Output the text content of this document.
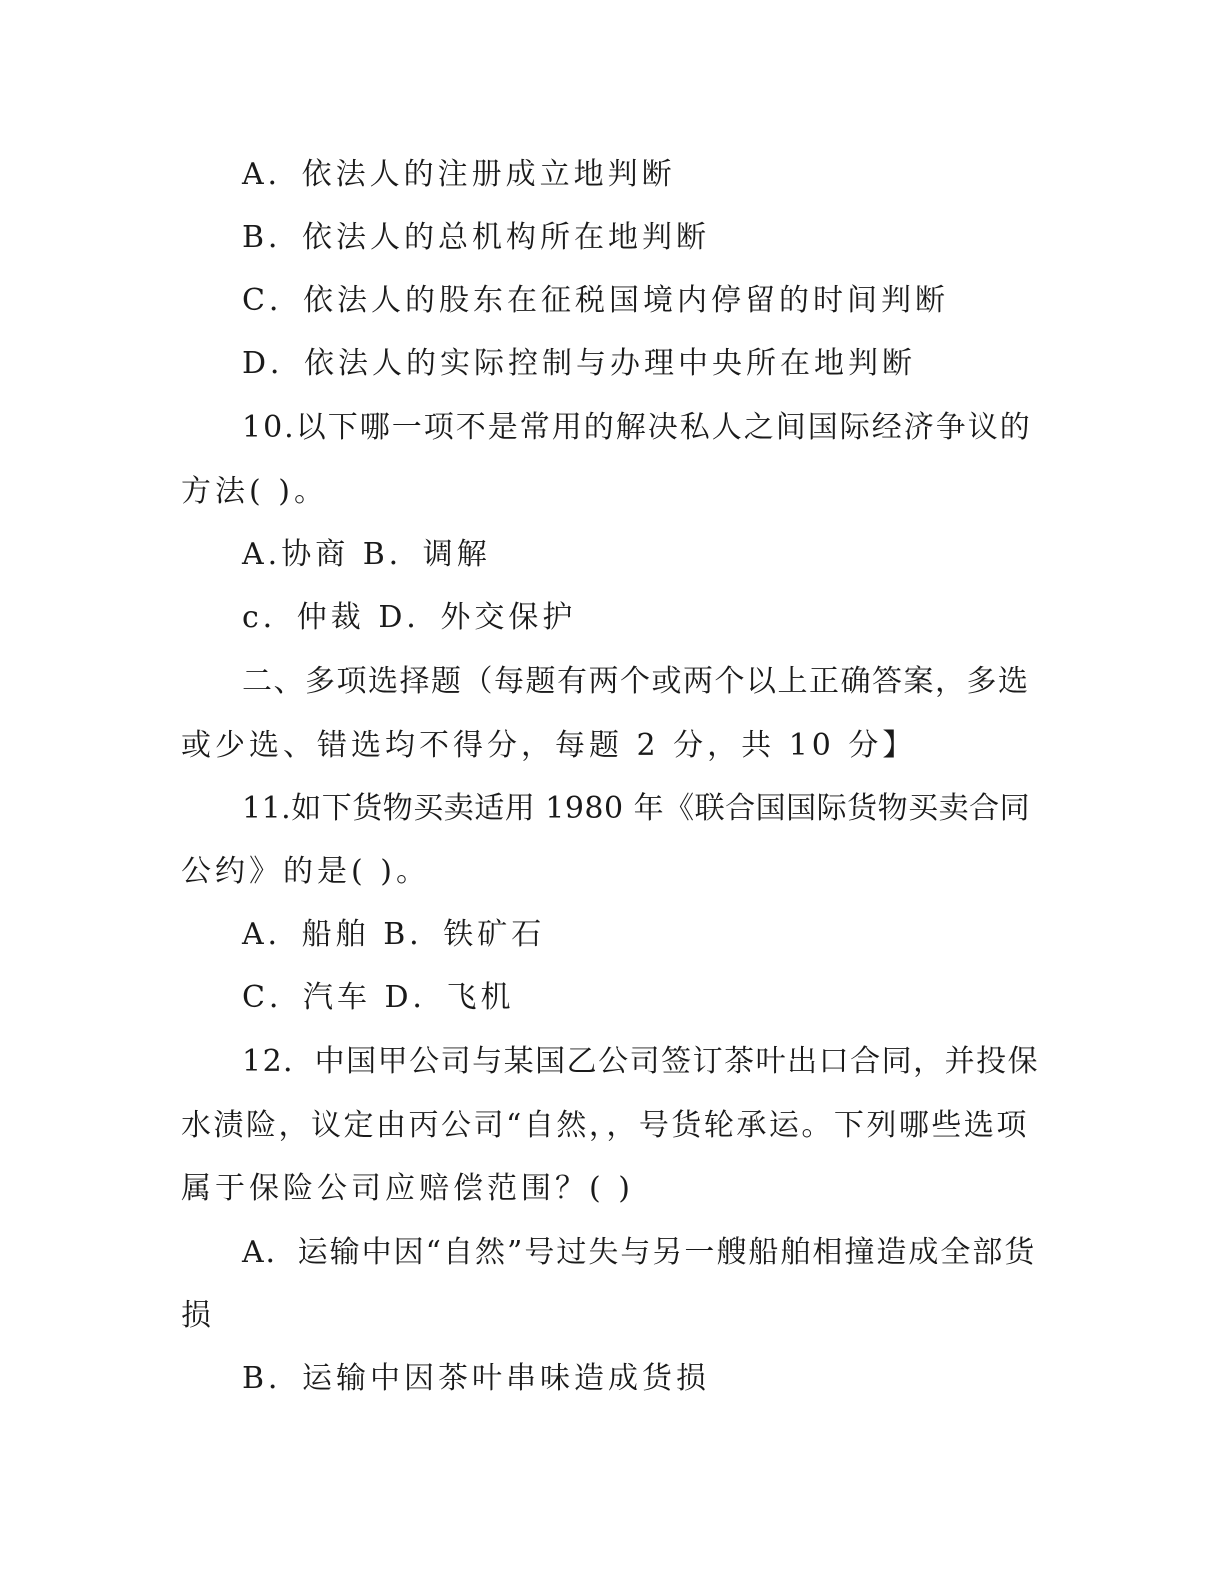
A．依法人的注册成立地判断
B．依法人的总机构所在地判断
C．依法人的股东在征税国境内停留的时间判断
D．依法人的实际控制与办理中央所在地判断
10.以下哪一项不是常用的解决私人之间国际经济争议的
方法( )。
A.协商 B．调解
c．仲裁 D．外交保护
二、多项选择题（每题有两个或两个以上正确答案，多选
或少选、错选均不得分，每题 2 分，共 10 分】
11.如下货物买卖适用 1980 年《联合国国际货物买卖合同
公约》的是( )。
A．船舶 B．铁矿石
C．汽车 D．飞机
12．中国甲公司与某国乙公司签订茶叶出口合同，并投保
水渍险，议定由丙公司“自然，，号货轮承运。下列哪些选项
属于保险公司应赔偿范围？( )
A．运输中因“自然”号过失与另一艘船舶相撞造成全部货
损
B．运输中因茶叶串味造成货损
